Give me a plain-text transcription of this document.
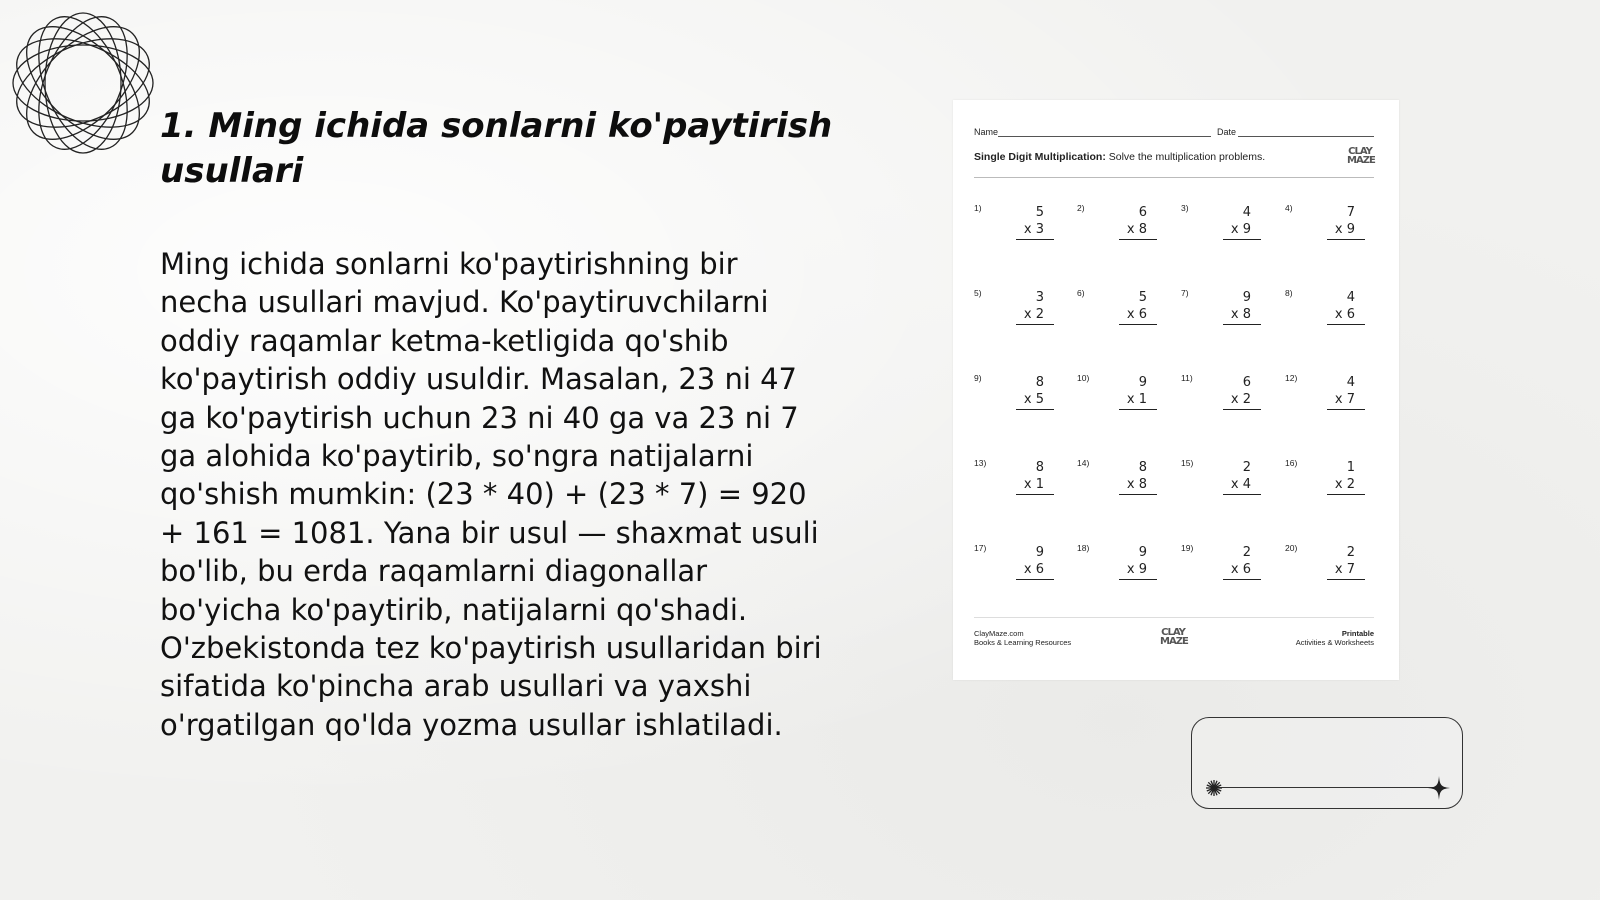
1. Ming ichida sonlarni ko'paytirish usullari

Ming ichida sonlarni ko'paytirishning bir necha usullari mavjud. Ko'paytiruvchilarni oddiy raqamlar ketma-ketligida qo'shib ko'paytirish oddiy usuldir. Masalan, 23 ni 47 ga ko'paytirish uchun 23 ni 40 ga va 23 ni 7 ga alohida ko'paytirib, so'ngra natijalarni qo'shish mumkin: (23 * 40) + (23 * 7) = 920 + 161 = 1081. Yana bir usul — shaxmat usuli bo'lib, bu erda raqamlarni diagonallar bo'yicha ko'paytirib, natijalarni qo'shadi. O'zbekistonda tez ko'paytirish usullaridan biri sifatida ko'pincha arab usullari va yaxshi o'rgatilgan qo'lda yozma usullar ishlatiladi.

Name	Date
Single Digit Multiplication: Solve the multiplication problems.	CLAY MAZE
1)	5
x 3
2)	6
x 8
3)	4
x 9
4)	7
x 9
5)	3
x 2
6)	5
x 6
7)	9
x 8
8)	4
x 6
9)	8
x 5
10)	9
x 1
11)	6
x 2
12)	4
x 7
13)	8
x 1
14)	8
x 8
15)	2
x 4
16)	1
x 2
17)	9
x 6
18)	9
x 9
19)	2
x 6
20)	2
x 7
ClayMaze.com
Books & Learning Resources
CLAY MAZE
Printable
Activities & Worksheets
